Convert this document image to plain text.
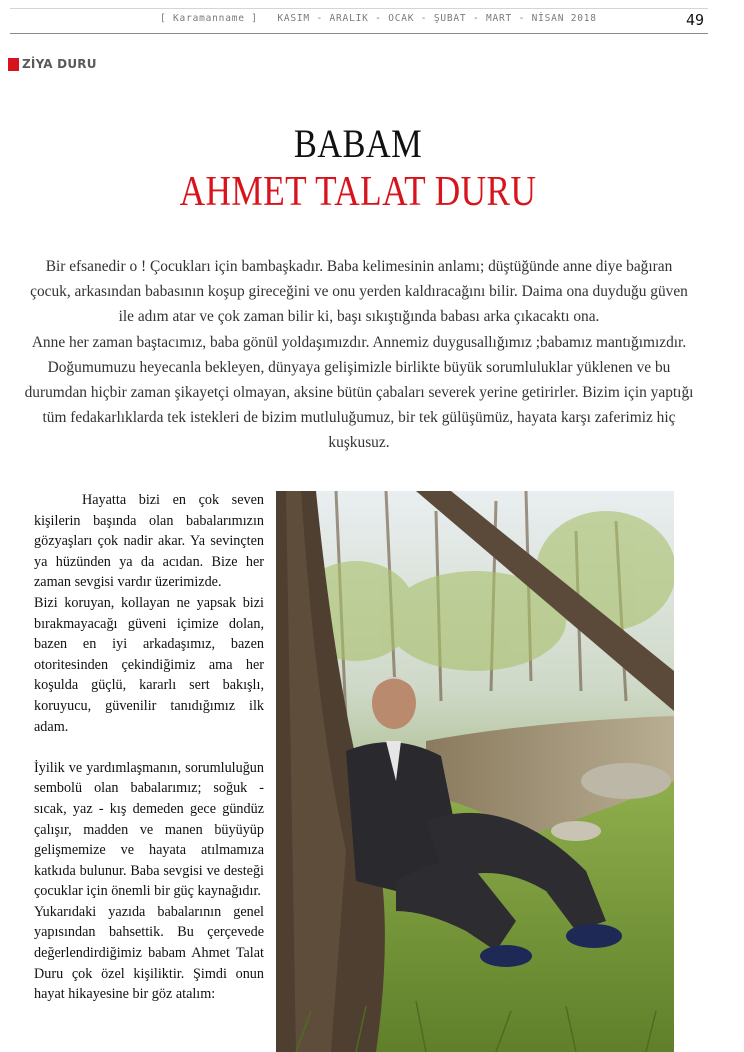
[ Karamanname ] KASIM - ARALIK - OCAK - ŞUBAT - MART - NİSAN 2018	49
ZİYA DURU
BABAM
AHMET TALAT DURU

Bir efsanedir o ! Çocukları için bambaşkadır. Baba kelimesinin anlamı; düştüğünde anne diye bağıran çocuk, arkasından babasının koşup gireceğini ve onu yerden kaldıracağını bilir. Daima ona duyduğu güven ile adım atar ve çok zaman bilir ki, başı sıkıştığında babası arka çıkacaktı ona.

Anne her zaman baştacımız, baba gönül yoldaşımızdır. Annemiz duygusallığımız ;babamız mantığımızdır. Doğumumuzu heyecanla bekleyen, dünyaya gelişimizle birlikte büyük sorumluluklar yüklenen ve bu durumdan hiçbir zaman şikayetçi olmayan, aksine bütün çabaları severek yerine getirirler. Bizim için yaptığı tüm fedakarlıklarda tek istekleri de bizim mutluluğumuz, bir tek gülüşümüz, hayata karşı zaferimiz hiç kuşkusuz.

Hayatta bizi en çok seven kişilerin başında olan babalarımızın gözyaşları çok nadir akar. Ya sevinçten ya hüzünden ya da acıdan. Bize her zaman sevgisi vardır üzerimizde.

Bizi koruyan, kollayan ne yapsak bizi bırakmayacağı güveni içimize dolan, bazen en iyi arkadaşımız, bazen otoritesinden çekindiğimiz ama her koşulda güçlü, kararlı sert bakışlı, koruyucu, güvenilir tanıdığımız ilk adam.

İyilik ve yardımlaşmanın, sorumluluğun sembolü olan babalarımız; soğuk - sıcak, yaz - kış demeden gece gündüz çalışır, madden ve manen büyüyüp gelişmemize ve hayata atılmamıza katkıda bulunur. Baba sevgisi ve desteği çocuklar için önemli bir güç kaynağıdır.

Yukarıdaki yazıda babalarının genel yapısından bahsettik. Bu çerçevede değerlendirdiğimiz babam Ahmet Talat Duru çok özel kişiliktir. Şimdi onun hayat hikayesine bir göz atalım:
